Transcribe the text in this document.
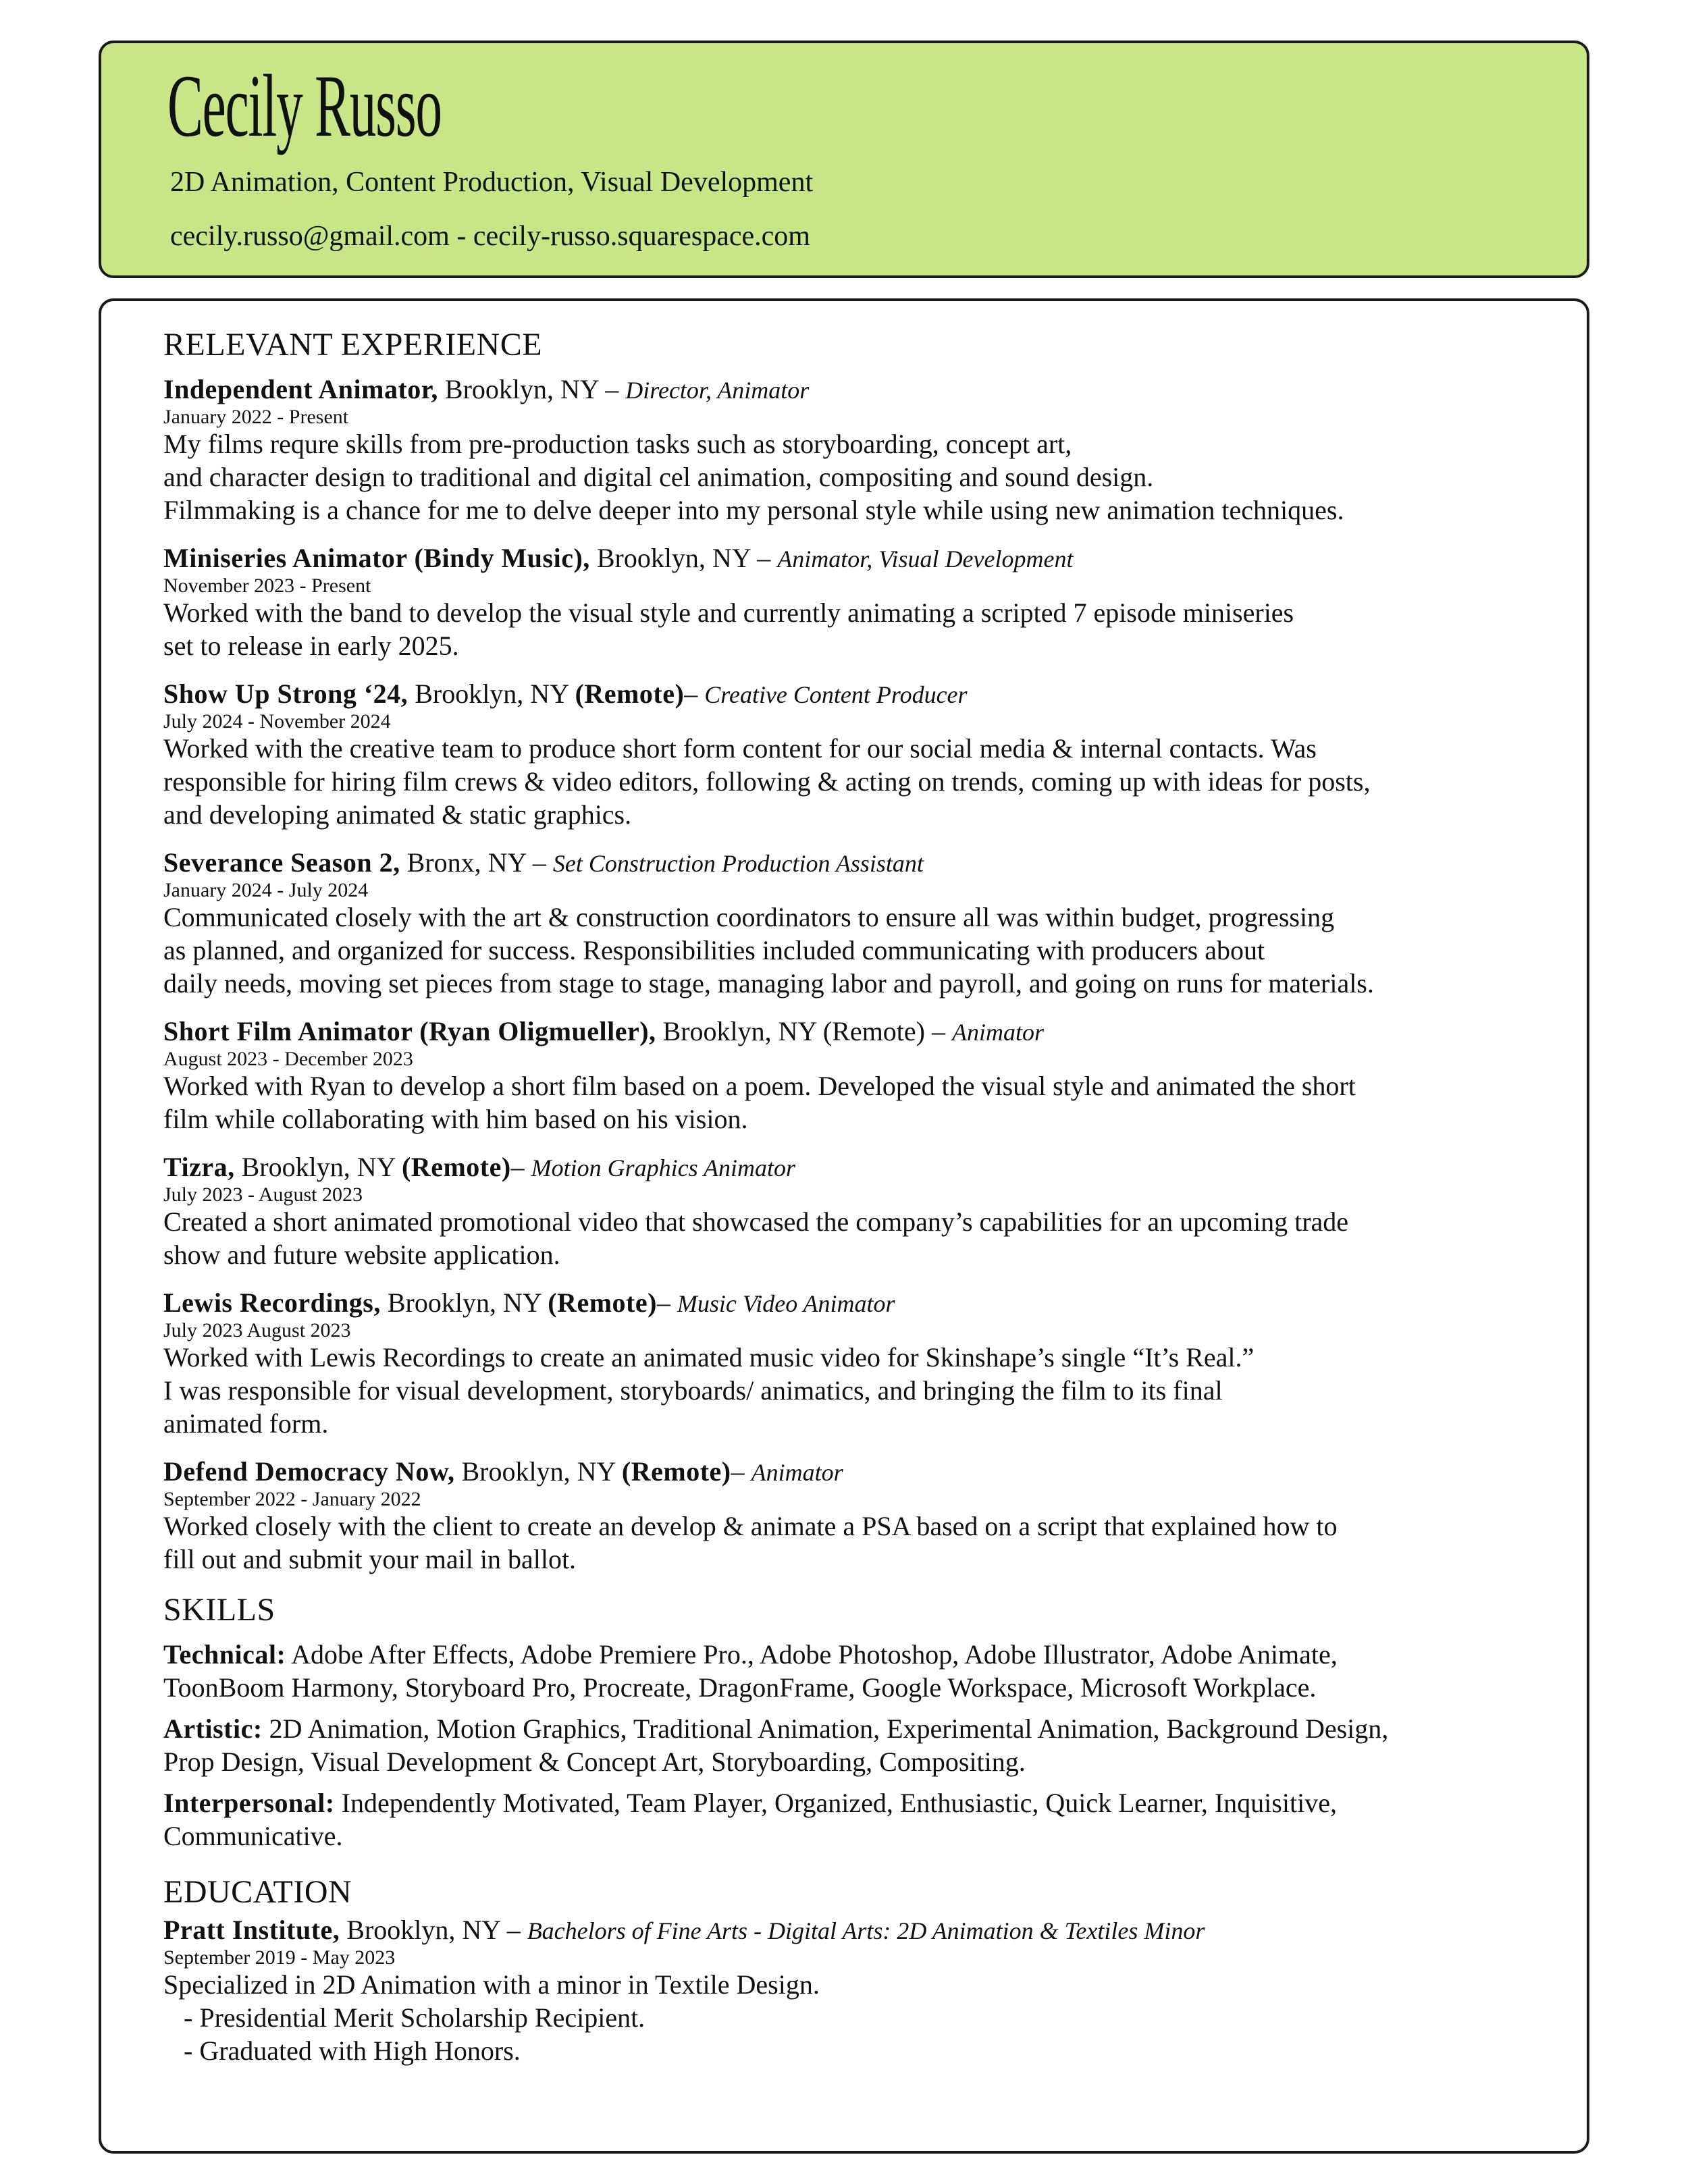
Cecily Russo
2D Animation, Content Production, Visual Development
cecily.russo@gmail.com - cecily-russo.squarespace.com
RELEVANT EXPERIENCE
Independent Animator, Brooklyn, NY – Director, Animator
January 2022 - Present
My films requre skills from pre-production tasks such as storyboarding, concept art,
and character design to traditional and digital cel animation, compositing and sound design.
Filmmaking is a chance for me to delve deeper into my personal style while using new animation techniques.
Miniseries Animator (Bindy Music), Brooklyn, NY – Animator, Visual Development
November 2023 - Present
Worked with the band to develop the visual style and currently animating a scripted 7 episode miniseries
set to release in early 2025.
Show Up Strong ‘24, Brooklyn, NY (Remote)– Creative Content Producer
July 2024 - November 2024
Worked with the creative team to produce short form content for our social media & internal contacts. Was
responsible for hiring film crews & video editors, following & acting on trends, coming up with ideas for posts,
and developing animated & static graphics.
Severance Season 2, Bronx, NY – Set Construction Production Assistant
January 2024 - July 2024
Communicated closely with the art & construction coordinators to ensure all was within budget, progressing
as planned, and organized for success. Responsibilities included communicating with producers about
daily needs, moving set pieces from stage to stage, managing labor and payroll, and going on runs for materials.
Short Film Animator (Ryan Oligmueller), Brooklyn, NY (Remote) – Animator
August 2023 - December 2023
Worked with Ryan to develop a short film based on a poem. Developed the visual style and animated the short
film while collaborating with him based on his vision.
Tizra, Brooklyn, NY (Remote)– Motion Graphics Animator
July 2023 - August 2023
Created a short animated promotional video that showcased the company’s capabilities for an upcoming trade
show and future website application.
Lewis Recordings, Brooklyn, NY (Remote)– Music Video Animator
July 2023 August 2023
Worked with Lewis Recordings to create an animated music video for Skinshape’s single “It’s Real.”
I was responsible for visual development, storyboards/ animatics, and bringing the film to its final
animated form.
Defend Democracy Now, Brooklyn, NY (Remote)– Animator
September 2022 - January 2022
Worked closely with the client to create an develop & animate a PSA based on a script that explained how to
fill out and submit your mail in ballot.
SKILLS
Technical: Adobe After Effects, Adobe Premiere Pro., Adobe Photoshop, Adobe Illustrator, Adobe Animate,
ToonBoom Harmony, Storyboard Pro, Procreate, DragonFrame, Google Workspace, Microsoft Workplace.
Artistic: 2D Animation, Motion Graphics, Traditional Animation, Experimental Animation, Background Design,
Prop Design, Visual Development & Concept Art, Storyboarding, Compositing.
Interpersonal: Independently Motivated, Team Player, Organized, Enthusiastic, Quick Learner, Inquisitive,
Communicative.
EDUCATION
Pratt Institute, Brooklyn, NY – Bachelors of Fine Arts - Digital Arts: 2D Animation & Textiles Minor
September 2019 - May 2023
Specialized in 2D Animation with a minor in Textile Design.
- Presidential Merit Scholarship Recipient.
- Graduated with High Honors.
